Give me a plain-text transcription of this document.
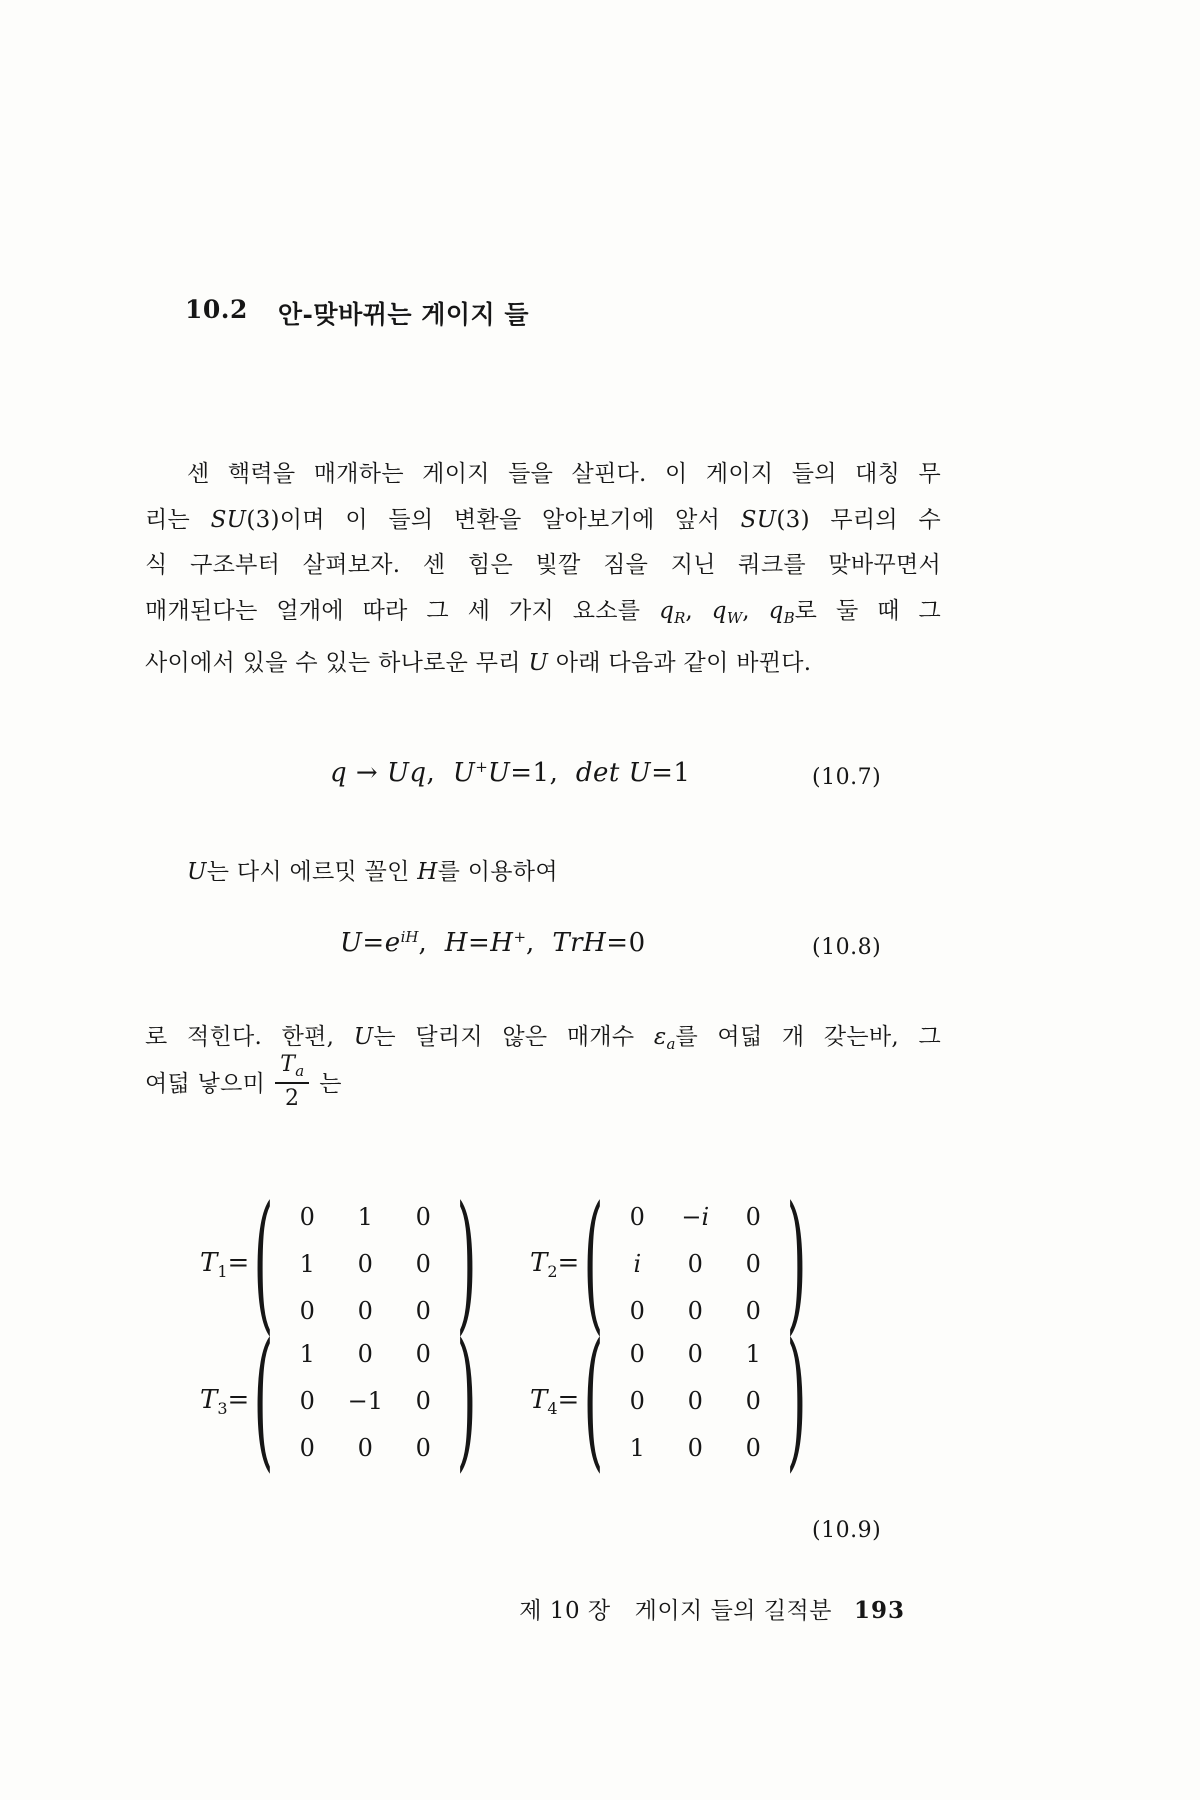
10.2 안-맞바뀌는 게이지 들
센 핵력을 매개하는 게이지 들을 살핀다. 이 게이지 들의 대칭 무
리는 SU(3)이며 이 들의 변환을 알아보기에 앞서 SU(3) 무리의 수
식 구조부터 살펴보자. 센 힘은 빛깔 짐을 지닌 쿼크를 맞바꾸면서
매개된다는 얼개에 따라 그 세 가지 요소를 $q_R$, $q_W$, $q_B$로 둘 때 그
사이에서 있을 수 있는 하나로운 무리 U 아래 다음과 같이 바뀐다.
q → Uq,  U+U=1,  det U=1	(10.7)
U는 다시 에르밋 꼴인 H를 이용하여
$U=e^{iH}$,  H=H+,  TrH=0	(10.8)
로 적힌다. 한편, U는 달리지 않은 매개수 $\varepsilon_a$를 여덟 개 갖는바, 그
여덟 낳으미 $\frac{T_a}{2}$ 는
$T_1=$ ( 0 1 0
1 0 0
0 0 0 ) $T_2=$ ( 0 −i 0
i 0 0
0 0 0 )
$T_3=$ ( 1 0 0
0 −1 0
0 0 0 ) $T_4=$ ( 0 0 1
0 0 0
1 0 0 )
(10.9)
제 10 장 게이지 들의 길적분 193
